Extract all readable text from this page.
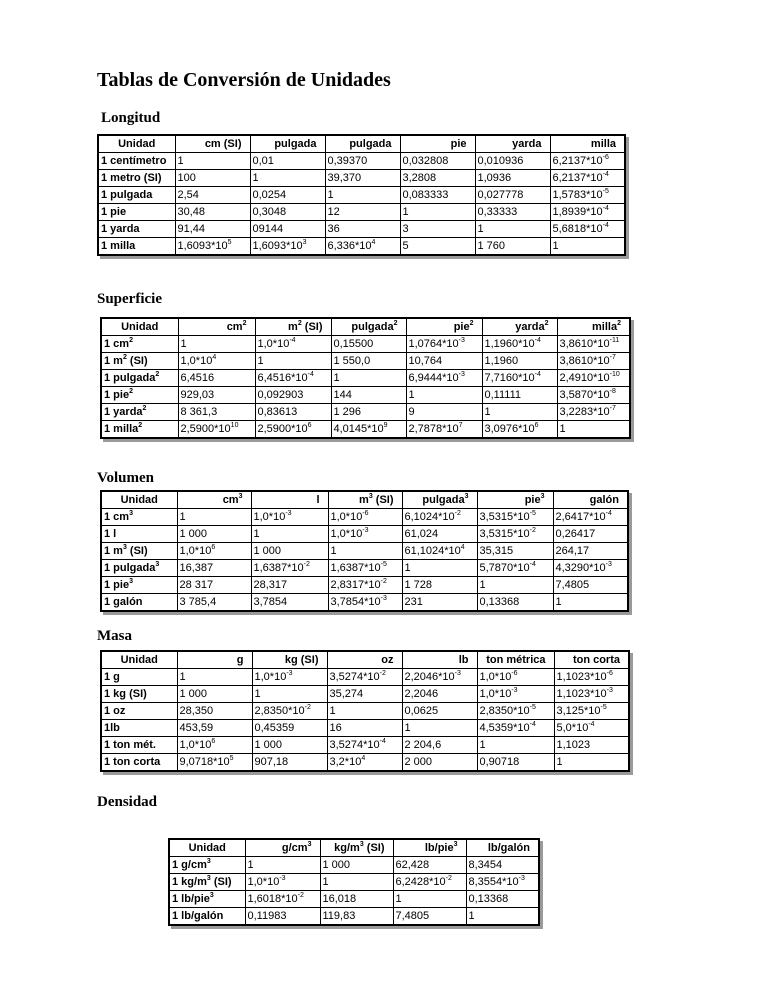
Tablas de Conversión de Unidades
Longitud
Unidad	cm (SI)	pulgada	pulgada	pie	yarda	milla
1 centímetro	1	0,01	0,39370	0,032808	0,010936	$6,2137*10^{-6}$
1 metro (SI)	100	1	39,370	3,2808	1,0936	$6,2137*10^{-4}$
1 pulgada	2,54	0,0254	1	0,083333	0,027778	$1,5783*10^{-5}$
1 pie	30,48	0,3048	12	1	0,33333	$1,8939*10^{-4}$
1 yarda	91,44	09144	36	3	1	$5,6818*10^{-4}$
1 milla	$1,6093*10^5$	$1,6093*10^3$	$6,336*10^4$	5	1 760	1
Superficie
Unidad	$cm^2$	$m^2$ (SI)	pulgada$^2$	pie$^2$	yarda$^2$	milla$^2$
1 $cm^2$	1	$1,0*10^{-4}$	0,15500	$1,0764*10^{-3}$	$1,1960*10^{-4}$	$3,8610*10^{-11}$
1 $m^2$ (SI)	$1,0*10^4$	1	1 550,0	10,764	1,1960	$3,8610*10^{-7}$
1 pulgada$^2$	6,4516	$6,4516*10^{-4}$	1	$6,9444*10^{-3}$	$7,7160*10^{-4}$	$2,4910*10^{-10}$
1 pie$^2$	929,03	0,092903	144	1	0,11111	$3,5870*10^{-8}$
1 yarda$^2$	8 361,3	0,83613	1 296	9	1	$3,2283*10^{-7}$
1 milla$^2$	$2,5900*10^{10}$	$2,5900*10^6$	$4,0145*10^9$	$2,7878*10^7$	$3,0976*10^6$	1
Volumen
Unidad	$cm^3$	l	$m^3$ (SI)	pulgada$^3$	pie$^3$	galón
1 $cm^3$	1	$1,0*10^{-3}$	$1,0*10^{-6}$	$6,1024*10^{-2}$	$3,5315*10^{-5}$	$2,6417*10^{-4}$
1 l	1 000	1	$1,0*10^{-3}$	61,024	$3,5315*10^{-2}$	0,26417
1 $m^3$ (SI)	$1,0*10^6$	1 000	1	$61,1024*10^4$	35,315	264,17
1 pulgada$^3$	16,387	$1,6387*10^{-2}$	$1,6387*10^{-5}$	1	$5,7870*10^{-4}$	$4,3290*10^{-3}$
1 pie$^3$	28 317	28,317	$2,8317*10^{-2}$	1 728	1	7,4805
1 galón	3 785,4	3,7854	$3,7854*10^{-3}$	231	0,13368	1
Masa
Unidad	g	kg (SI)	oz	lb	ton métrica	ton corta
1 g	1	$1,0*10^{-3}$	$3,5274*10^{-2}$	$2,2046*10^{-3}$	$1,0*10^{-6}$	$1,1023*10^{-6}$
1 kg (SI)	1 000	1	35,274	2,2046	$1,0*10^{-3}$	$1,1023*10^{-3}$
1 oz	28,350	$2,8350*10^{-2}$	1	0,0625	$2,8350*10^{-5}$	$3,125*10^{-5}$
1lb	453,59	0,45359	16	1	$4,5359*10^{-4}$	$5,0*10^{-4}$
1 ton mét.	$1,0*10^6$	1 000	$3,5274*10^{-4}$	2 204,6	1	1,1023
1 ton corta	$9,0718*10^5$	907,18	$3,2*10^4$	2 000	0,90718	1
Densidad
Unidad	$g/cm^3$	$kg/m^3$ (SI)	lb/pie$^3$	lb/galón
1 $g/cm^3$	1	1 000	62,428	8,3454
1 $kg/m^3$ (SI)	$1,0*10^{-3}$	1	$6,2428*10^{-2}$	$8,3554*10^{-3}$
1 lb/pie$^3$	$1,6018*10^{-2}$	16,018	1	0,13368
1 lb/galón	0,11983	119,83	7,4805	1
